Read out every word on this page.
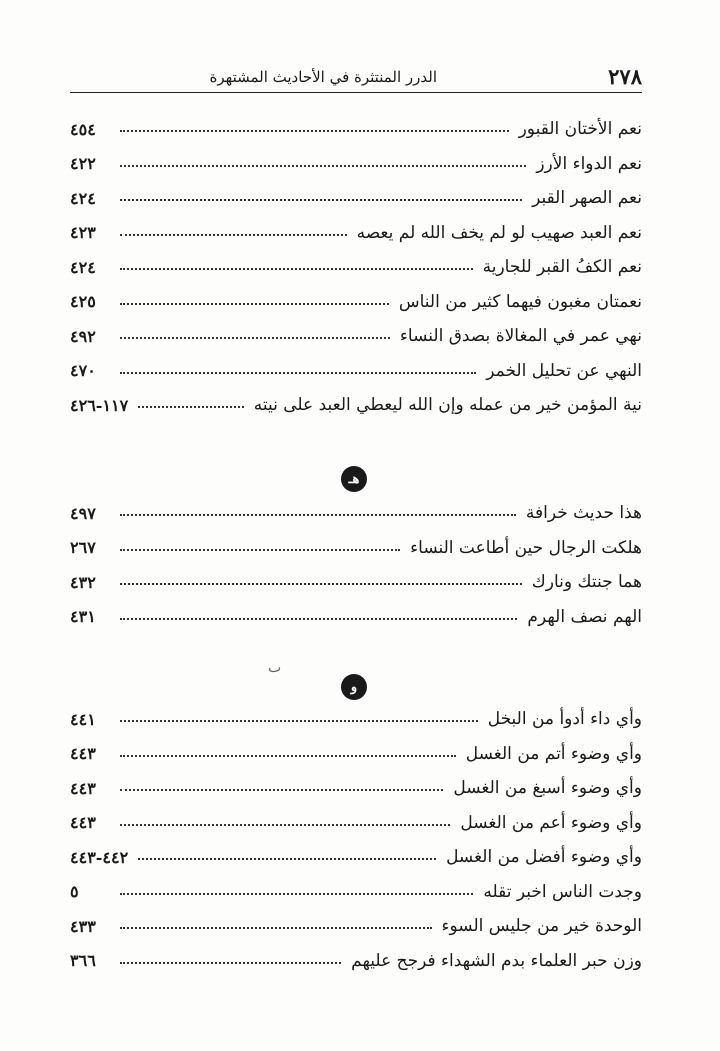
٢٧٨
الدرر المنتثرة في الأحاديث المشتهرة
نعم الأختان القبور
٤٥٤
نعم الدواء الأرز
٤٢٢
نعم الصهر القبر
٤٢٤
نعم العبد صهيب لو لم يخف الله لم يعصه
٤٢٣
نعم الكفُ القبر للجارية
٤٢٤
نعمتان مغبون فيهما كثير من الناس
٤٢٥
نهي عمر في المغالاة بصدق النساء
٤٩٢
النهي عن تحليل الخمر
٤٧٠
نية المؤمن خير من عمله وإن الله ليعطي العبد على نيته
١١٧-٤٢٦
هـ
هذا حديث خرافة
٤٩٧
هلكت الرجال حين أطاعت النساء
٢٦٧
هما جنتك ونارك
٤٣٢
الهم نصف الهرم
٤٣١
ٮ
و
وأي داء أدوأ من البخل
٤٤١
وأي وضوء أتم من الغسل
٤٤٣
وأي وضوء أسبغ من الغسل
٤٤٣
وأي وضوء أعم من الغسل
٤٤٣
وأي وضوء أفضل من الغسل
٤٤٢-٤٤٣
وجدت الناس اخبر تقله
٥
الوحدة خير من جليس السوء
٤٣٣
وزن حبر العلماء بدم الشهداء فرجح عليهم
٣٦٦
